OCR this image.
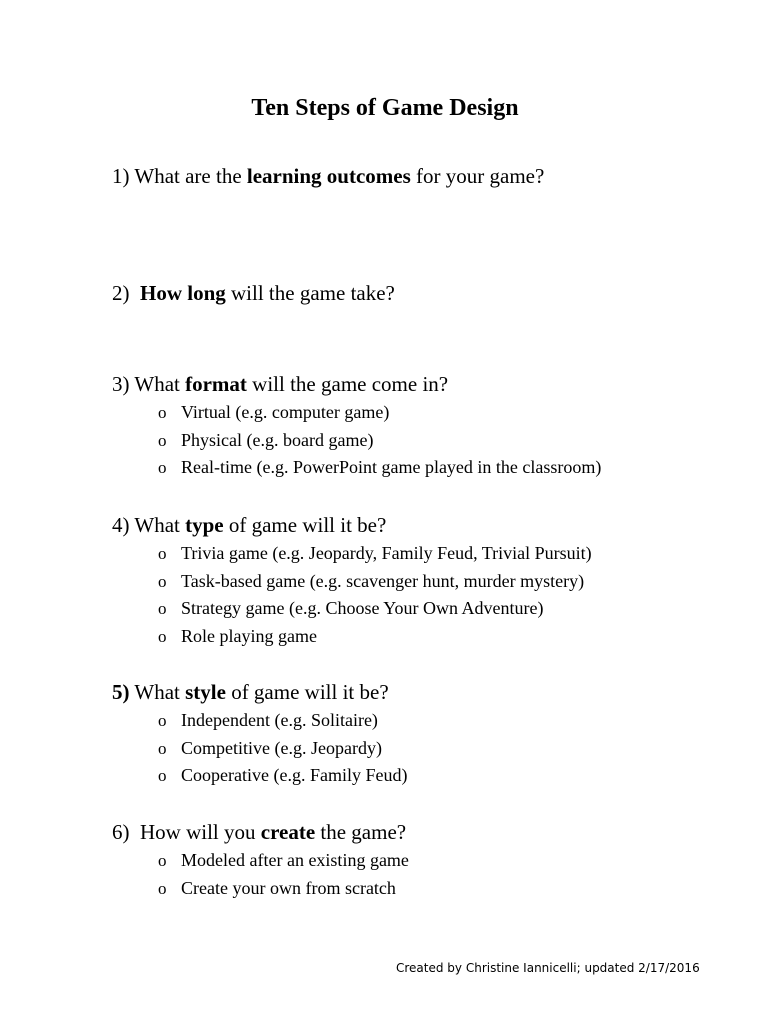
Ten Steps of Game Design
1) What are the learning outcomes for your game?
2) How long will the game take?
3) What format will the game come in?
o Virtual (e.g. computer game)
o Physical (e.g. board game)
o Real-time (e.g. PowerPoint game played in the classroom)
4) What type of game will it be?
o Trivia game (e.g. Jeopardy, Family Feud, Trivial Pursuit)
o Task-based game (e.g. scavenger hunt, murder mystery)
o Strategy game (e.g. Choose Your Own Adventure)
o Role playing game
5) What style of game will it be?
o Independent (e.g. Solitaire)
o Competitive (e.g. Jeopardy)
o Cooperative (e.g. Family Feud)
6)  How will you create the game?
o Modeled after an existing game
o Create your own from scratch
Created by Christine Iannicelli; updated 2/17/2016
